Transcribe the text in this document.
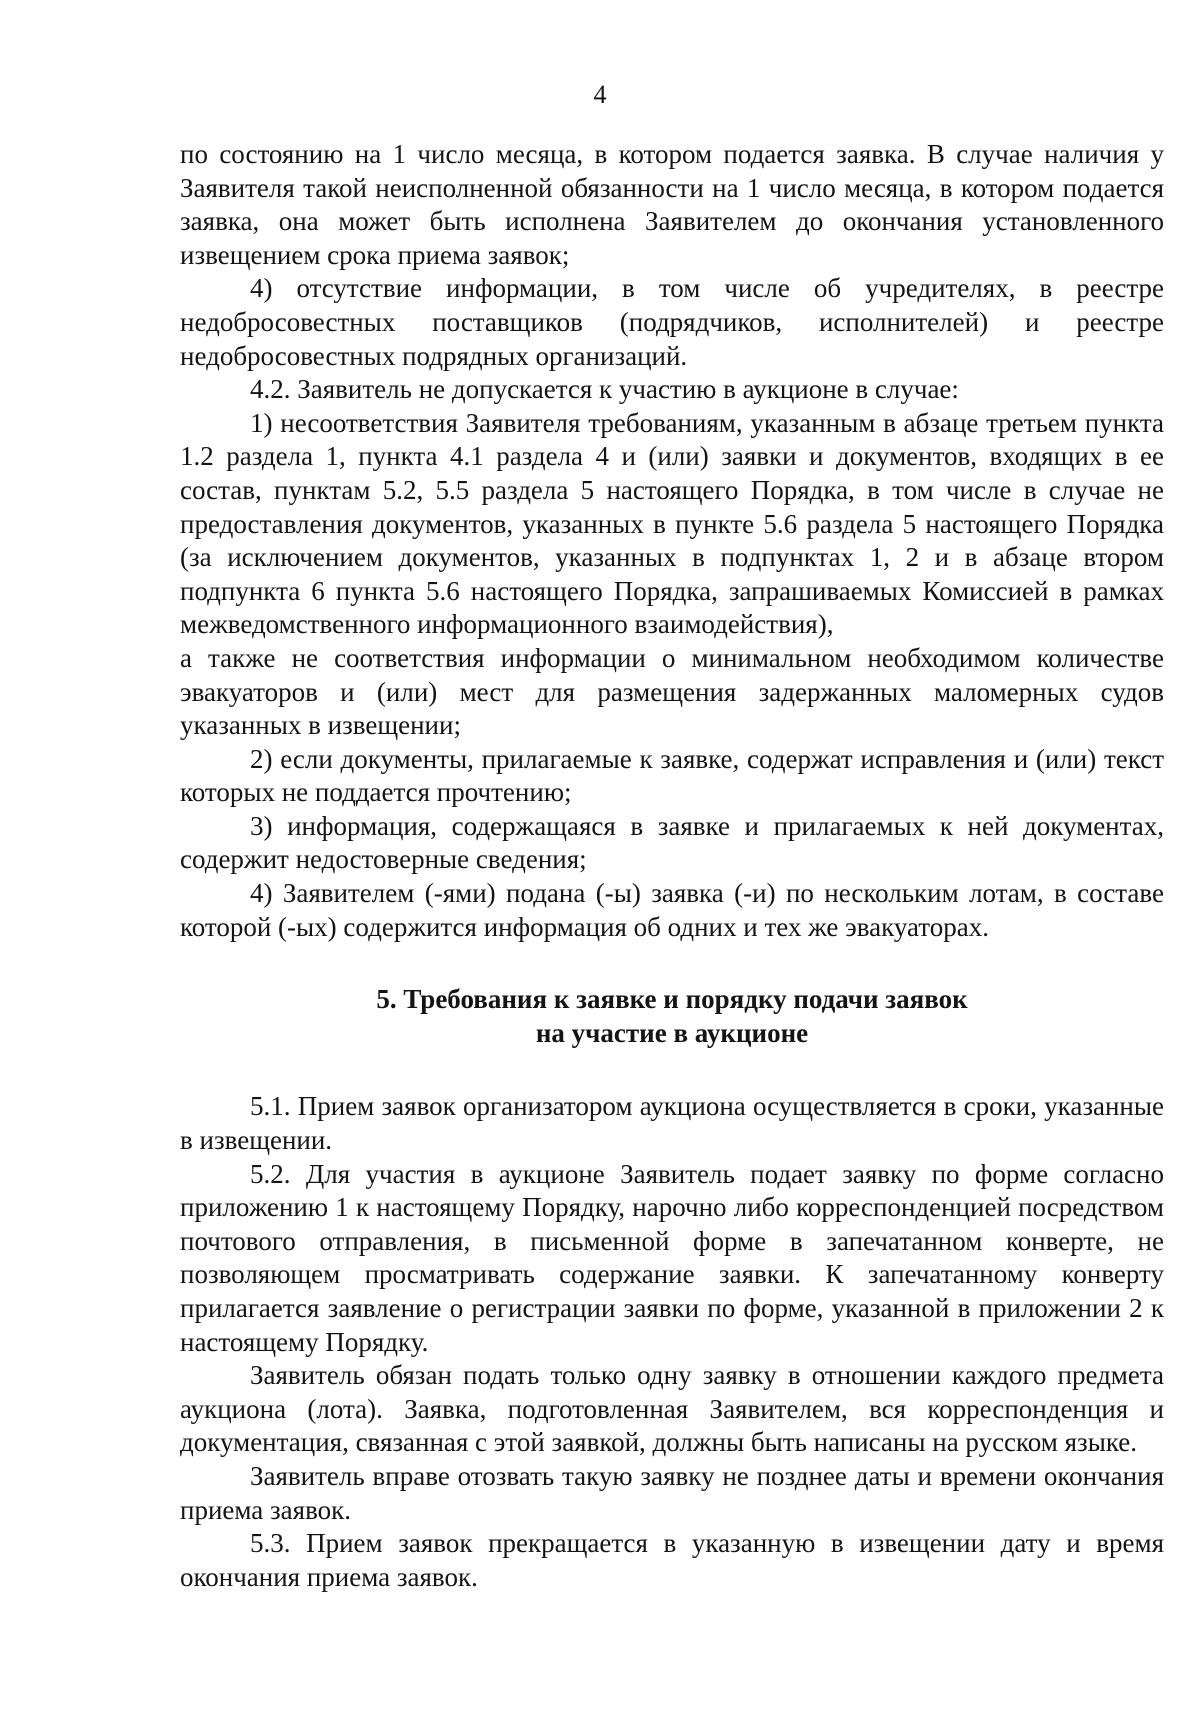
4

по состоянию на 1 число месяца, в котором подается заявка. В случае наличия у Заявителя такой неисполненной обязанности на 1 число месяца, в котором подается заявка, она может быть исполнена Заявителем до окончания установленного извещением срока приема заявок;

4) отсутствие информации, в том числе об учредителях, в реестре недобросовестных поставщиков (подрядчиков, исполнителей) и реестре недобросовестных подрядных организаций.

4.2. Заявитель не допускается к участию в аукционе в случае:

1) несоответствия Заявителя требованиям, указанным в абзаце третьем пункта 1.2 раздела 1, пункта 4.1 раздела 4 и (или) заявки и документов, входящих в ее состав, пунктам 5.2, 5.5 раздела 5 настоящего Порядка, в том числе в случае не предоставления документов, указанных в пункте 5.6 раздела 5 настоящего Порядка (за исключением документов, указанных в подпунктах 1, 2 и в абзаце втором подпункта 6 пункта 5.6 настоящего Порядка, запрашиваемых Комиссией в рамках межведомственного информационного взаимодействия),

а также не соответствия информации о минимальном необходимом количестве эвакуаторов и (или) мест для размещения задержанных маломерных судов указанных в извещении;

2) если документы, прилагаемые к заявке, содержат исправления и (или) текст которых не поддается прочтению;

3) информация, содержащаяся в заявке и прилагаемых к ней документах, содержит недостоверные сведения;

4) Заявителем (-ями) подана (-ы) заявка (-и) по нескольким лотам, в составе которой (-ых) содержится информация об одних и тех же эвакуаторах.

5. Требования к заявке и порядку подачи заявок
на участие в аукционе

5.1. Прием заявок организатором аукциона осуществляется в сроки, указанные в извещении.

5.2. Для участия в аукционе Заявитель подает заявку по форме согласно приложению 1 к настоящему Порядку, нарочно либо корреспонденцией посредством почтового отправления, в письменной форме в запечатанном конверте, не позволяющем просматривать содержание заявки. К запечатанному конверту прилагается заявление о регистрации заявки по форме, указанной в приложении 2 к настоящему Порядку.

Заявитель обязан подать только одну заявку в отношении каждого предмета аукциона (лота). Заявка, подготовленная Заявителем, вся корреспонденция и документация, связанная с этой заявкой, должны быть написаны на русском языке.

Заявитель вправе отозвать такую заявку не позднее даты и времени окончания приема заявок.

5.3. Прием заявок прекращается в указанную в извещении дату и время окончания приема заявок.
